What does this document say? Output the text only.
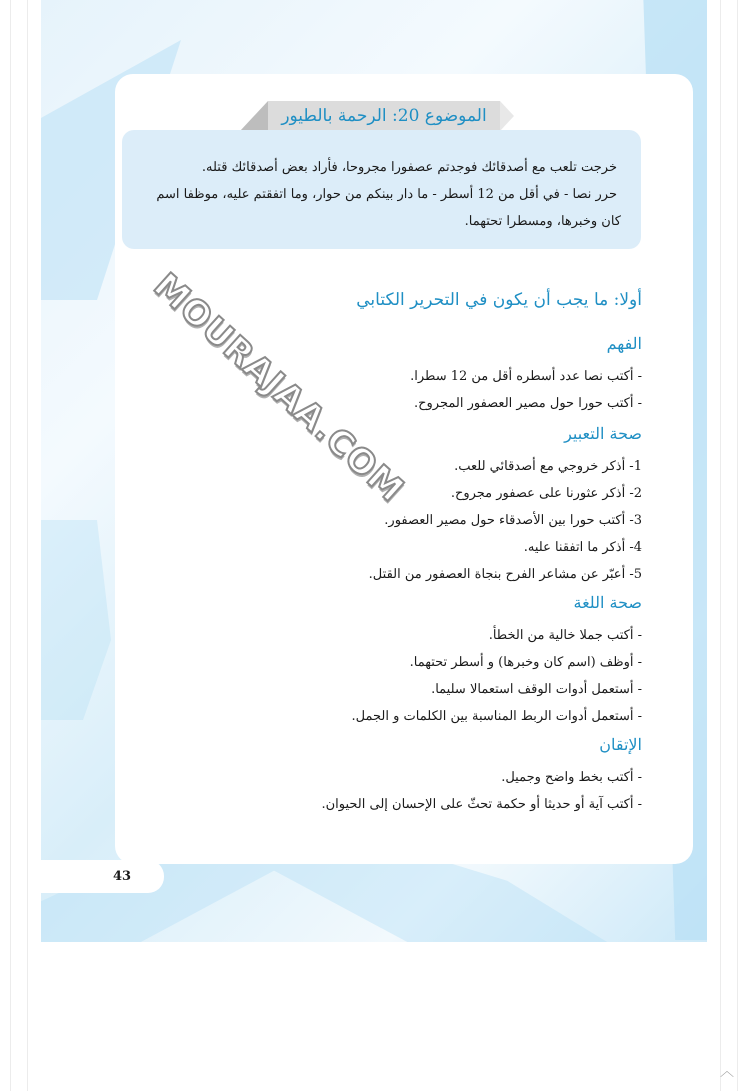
43
الموضوع 20: الرحمة بالطيور

خرجت تلعب مع أصدقائك فوجدتم عصفورا مجروحا، فأراد بعض أصدقائك قتله.

حرر نصا - في أقل من 12 أسطر - ما دار بينكم من حوار، وما اتفقتم عليه، موظفا اسم كان وخبرها، ومسطرا تحتهما.

MOURAJAA.COM
أولا: ما يجب أن يكون في التحرير الكتابي
الفهم
- أكتب نصا عدد أسطره أقل من 12 سطرا.
- أكتب حورا حول مصير العصفور المجروح.
صحة التعبير
1- أذكر خروجي مع أصدقائي للعب.
2- أذكر عثورنا على عصفور مجروح.
3- أكتب حورا بين الأصدقاء حول مصير العصفور.
4- أذكر ما اتفقنا عليه.
5- أعبّر عن مشاعر الفرح بنجاة العصفور من القتل.
صحة اللغة
- أكتب جملا خالية من الخطأ.
- أوظف (اسم كان وخبرها) و أسطر تحتهما.
- أستعمل أدوات الوقف استعمالا سليما.
- أستعمل أدوات الربط المناسبة بين الكلمات و الجمل.
الإتقان
- أكتب بخط واضح وجميل.
- أكتب آية أو حديثا أو حكمة تحثّ على الإحسان إلى الحيوان.
︿
